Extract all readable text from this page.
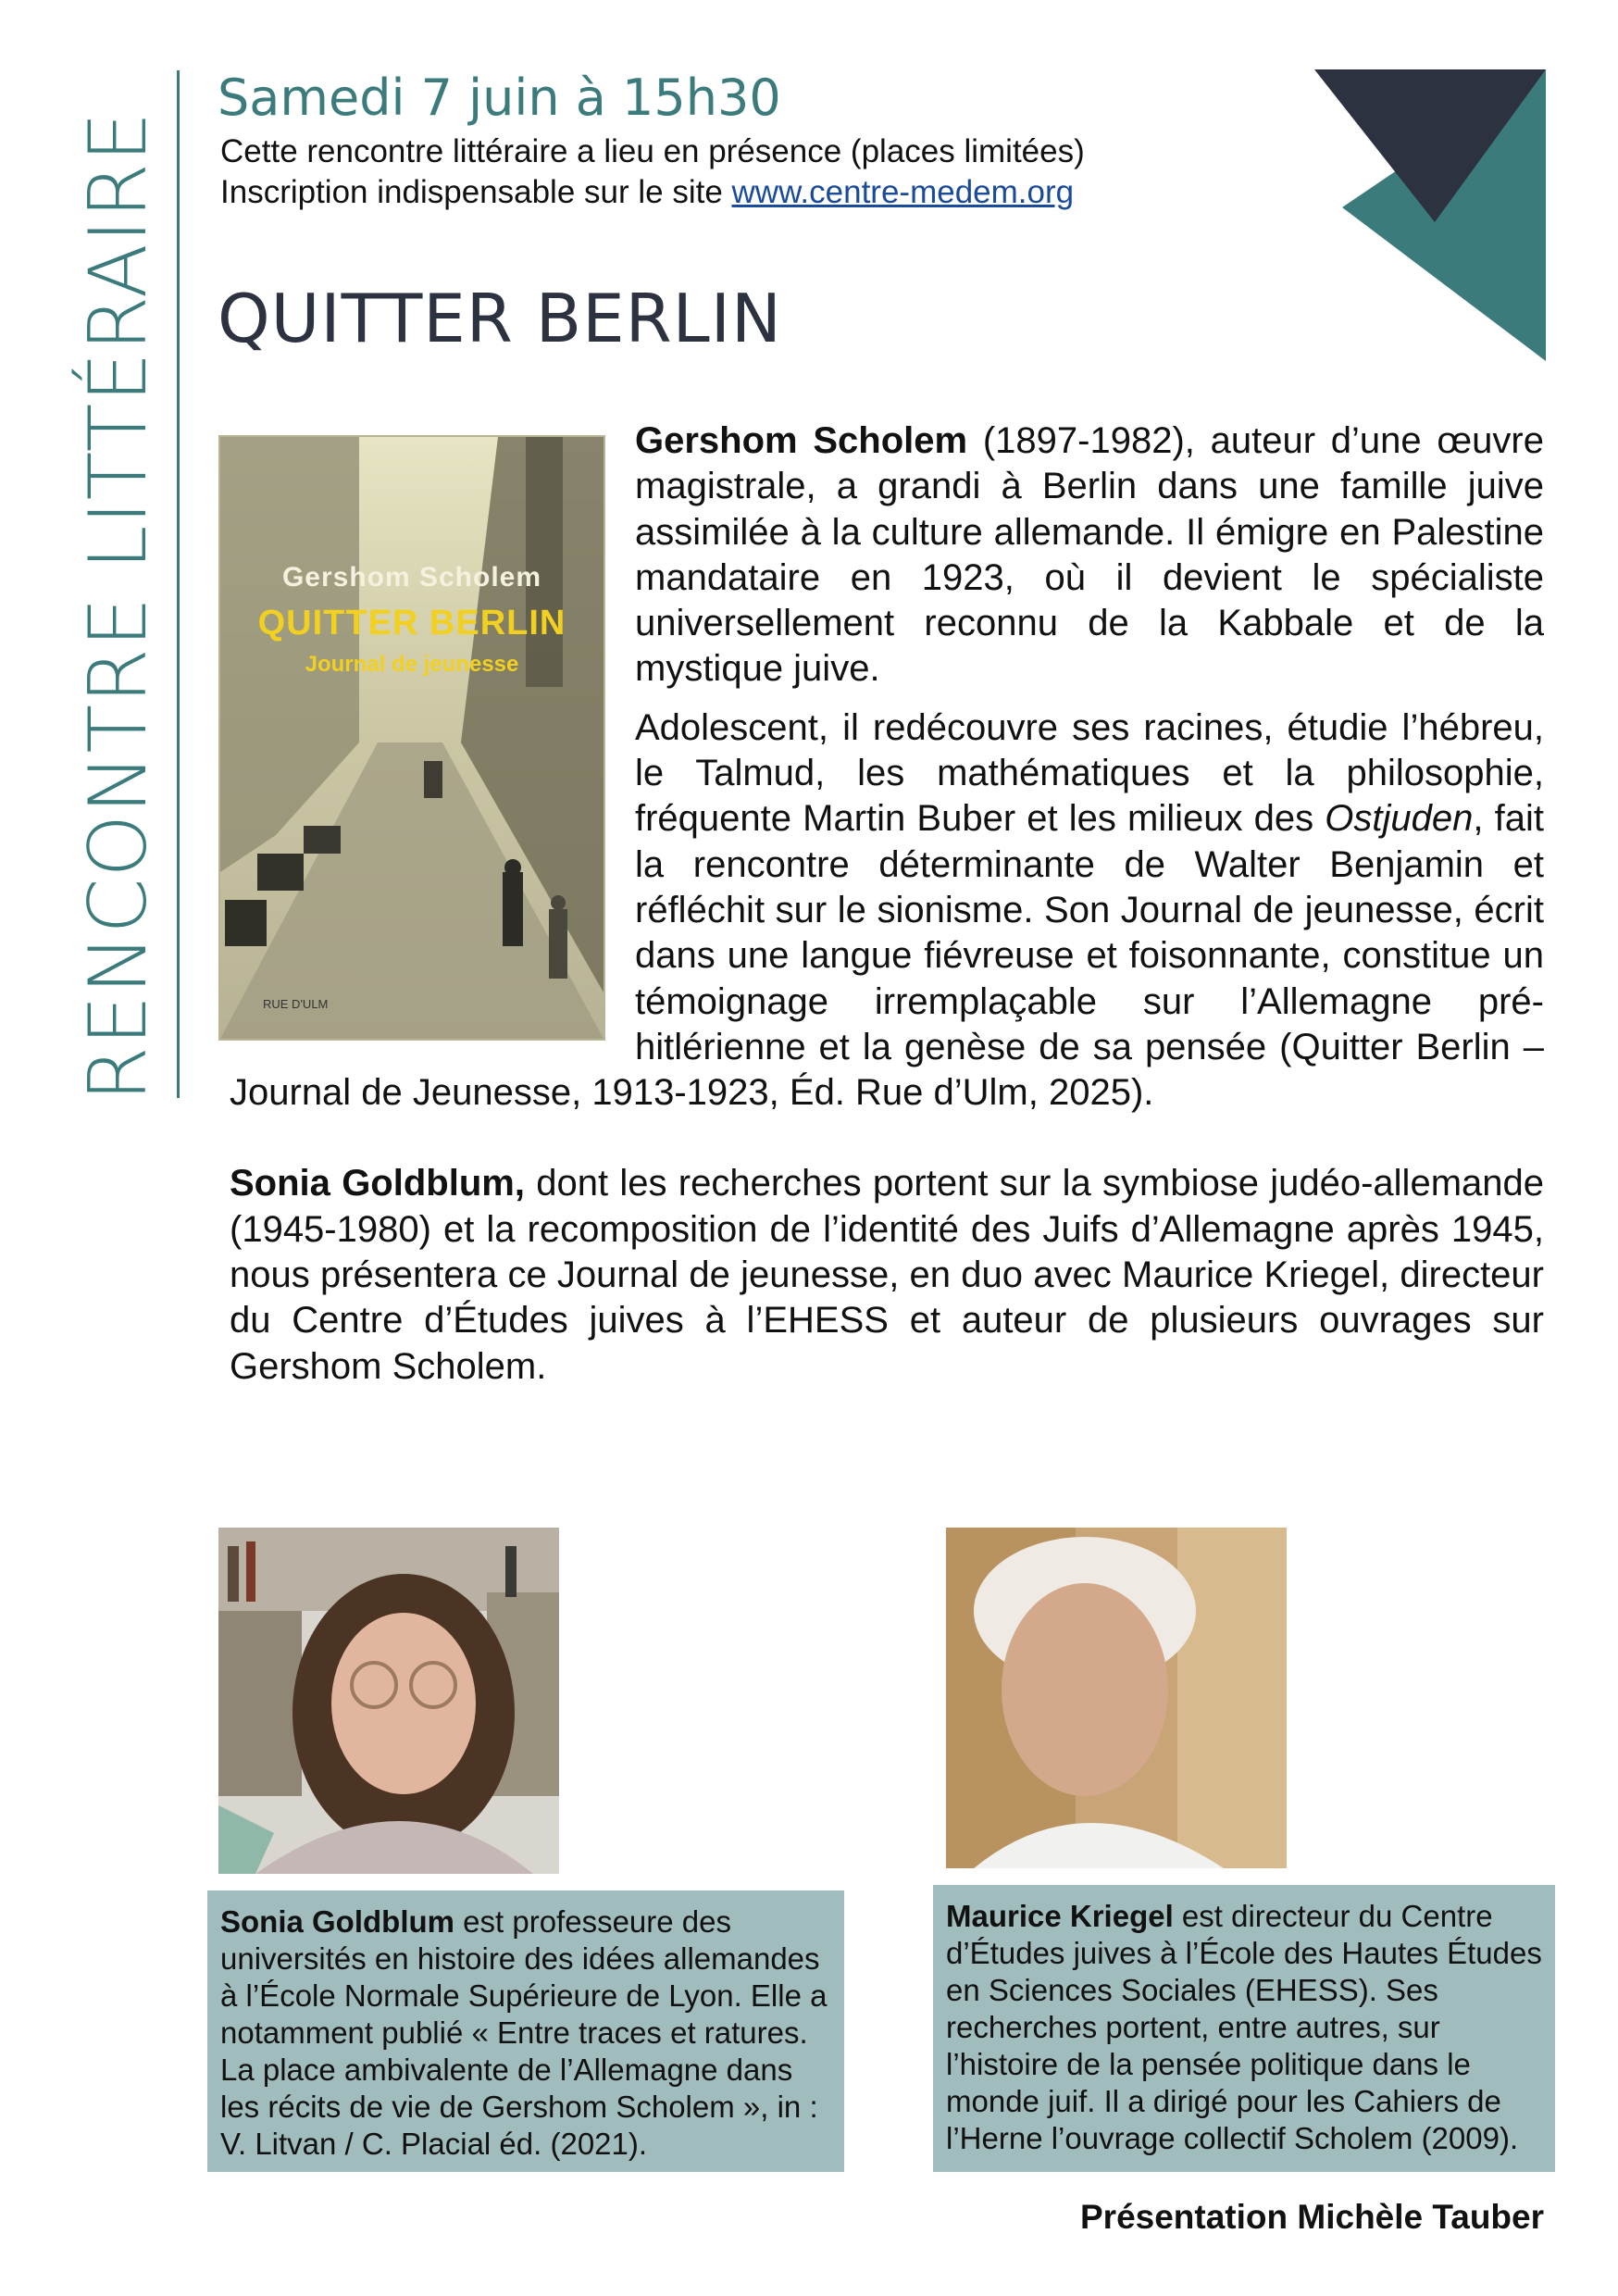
RENCONTRE LITTÉRAIRE
Samedi 7 juin à 15h30
Cette rencontre littéraire a lieu en présence (places limitées)
Inscription indispensable sur le site www.centre-medem.org
QUITTER BERLIN
Gershom Scholem
QUITTER BERLIN
Journal de jeunesse
RUE D'ULM

Gershom Scholem (1897-1982), auteur d’une œuvre magistrale, a grandi à Berlin dans une famille juive assimilée à la culture allemande. Il émigre en Palestine mandataire en 1923, où il devient le spécialiste universellement reconnu de la Kabbale et de la mystique juive.

Adolescent, il redécouvre ses racines, étudie l’hébreu, le Talmud, les mathématiques et la philosophie, fréquente Martin Buber et les milieux des Ostjuden, fait la rencontre déterminante de Walter Benjamin et réfléchit sur le sionisme. Son Journal de jeunesse, écrit dans une langue fiévreuse et foisonnante, constitue un témoignage irremplaçable sur l’Allemagne pré-hitlérienne et la genèse de sa pensée (Quitter Berlin – Journal de Jeunesse, 1913-1923, Éd. Rue d’Ulm, 2025).

Sonia Goldblum, dont les recherches portent sur la symbiose judéo-allemande (1945-1980) et la recomposition de l’identité des Juifs d’Allemagne après 1945, nous présentera ce Journal de jeunesse, en duo avec Maurice Kriegel, directeur du Centre d’Études juives à l’EHESS et auteur de plusieurs ouvrages sur Gershom Scholem.

Sonia Goldblum est professeure des universités en histoire des idées allemandes à l’École Normale Supérieure de Lyon. Elle a notamment publié « Entre traces et ratures. La place ambivalente de l’Allemagne dans les récits de vie de Gershom Scholem », in : V. Litvan / C. Placial éd. (2021).
Maurice Kriegel est directeur du Centre d’Études juives à l’École des Hautes Études en Sciences Sociales (EHESS). Ses recherches portent, entre autres, sur l’histoire de la pensée politique dans le monde juif. Il a dirigé pour les Cahiers de l’Herne l’ouvrage collectif Scholem (2009).
Présentation Michèle Tauber
